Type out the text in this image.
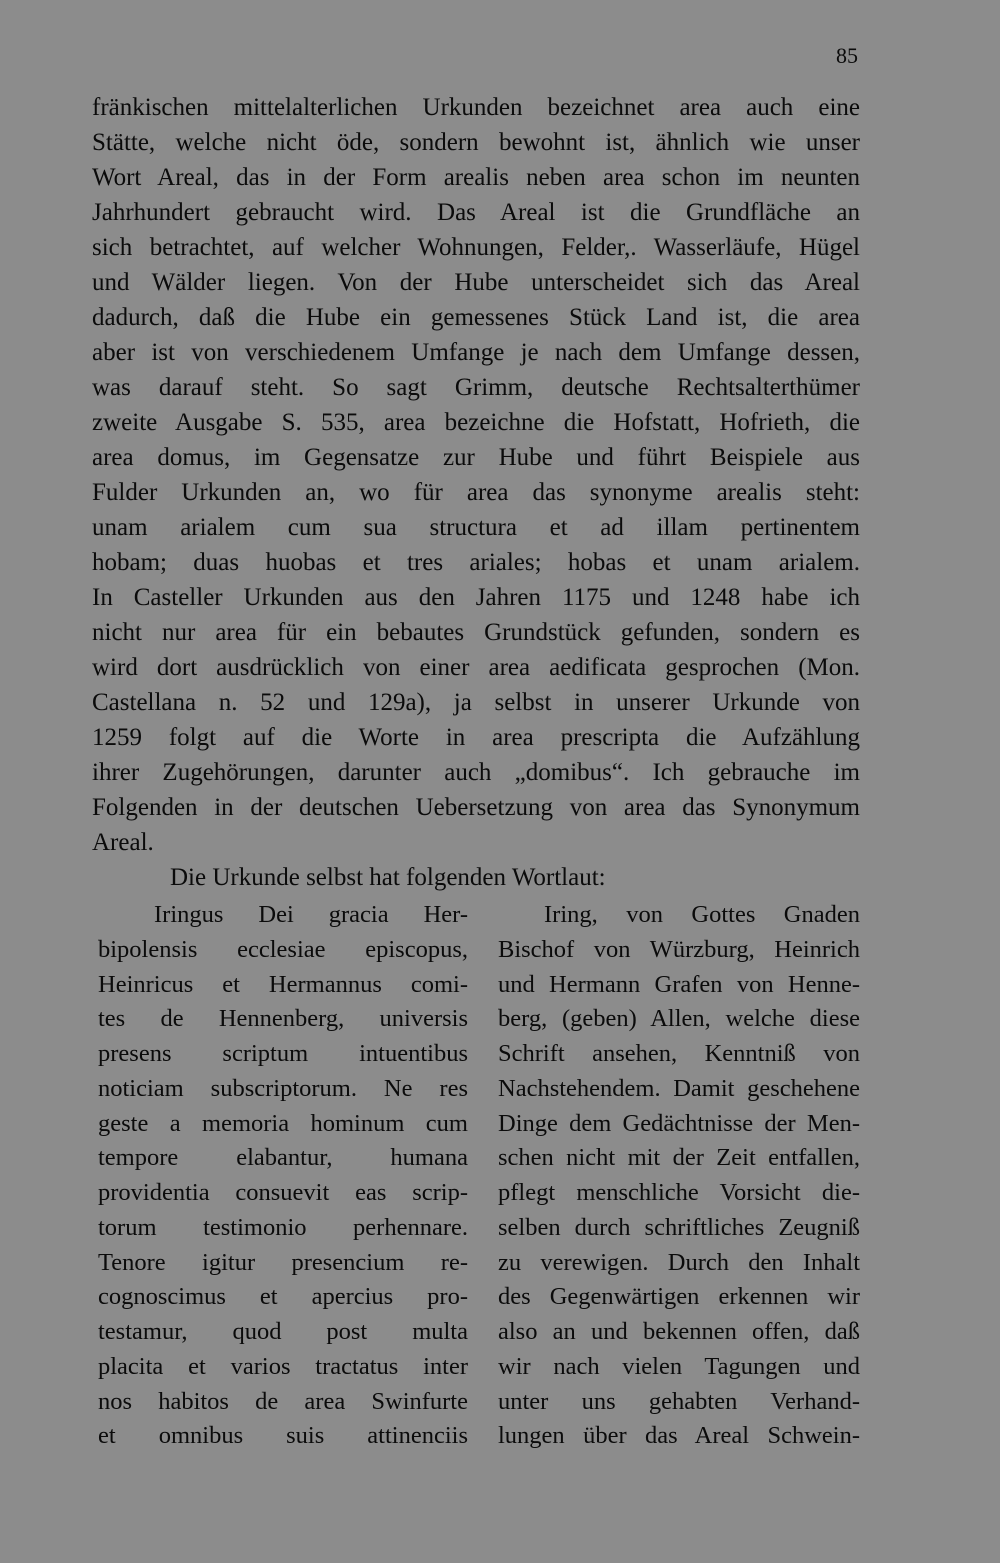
85
fränkischen mittelalterlichen Urkunden bezeichnet area auch eine
Stätte, welche nicht öde, sondern bewohnt ist, ähnlich wie unser
Wort Areal, das in der Form arealis neben area schon im neunten
Jahrhundert gebraucht wird. Das Areal ist die Grundfläche an
sich betrachtet, auf welcher Wohnungen, Felder,. Wasserläufe, Hügel
und Wälder liegen. Von der Hube unterscheidet sich das Areal
dadurch, daß die Hube ein gemessenes Stück Land ist, die area
aber ist von verschiedenem Umfange je nach dem Umfange dessen,
was darauf steht. So sagt Grimm, deutsche Rechtsalterthümer
zweite Ausgabe S. 535, area bezeichne die Hofstatt, Hofrieth, die
area domus, im Gegensatze zur Hube und führt Beispiele aus
Fulder Urkunden an, wo für area das synonyme arealis steht:
unam arialem cum sua structura et ad illam pertinentem
hobam; duas huobas et tres ariales; hobas et unam arialem.
In Casteller Urkunden aus den Jahren 1175 und 1248 habe ich
nicht nur area für ein bebautes Grundstück gefunden, sondern es
wird dort ausdrücklich von einer area aedificata gesprochen (Mon.
Castellana n. 52 und 129a), ja selbst in unserer Urkunde von
1259 folgt auf die Worte in area prescripta die Aufzählung
ihrer Zugehörungen, darunter auch „domibus“. Ich gebrauche im
Folgenden in der deutschen Uebersetzung von area das Synonymum
Areal.
Die Urkunde selbst hat folgenden Wortlaut:
Iringus Dei gracia Her-
bipolensis ecclesiae episcopus,
Heinricus et Hermannus comi-
tes de Hennenberg, universis
presens scriptum intuentibus
noticiam subscriptorum. Ne res
geste a memoria hominum cum
tempore elabantur, humana
providentia consuevit eas scrip-
torum testimonio perhennare.
Tenore igitur presencium re-
cognoscimus et apercius pro-
testamur, quod post multa
placita et varios tractatus inter
nos habitos de area Swinfurte
et omnibus suis attinenciis
Iring, von Gottes Gnaden
Bischof von Würzburg, Heinrich
und Hermann Grafen von Henne-
berg, (geben) Allen, welche diese
Schrift ansehen, Kenntniß von
Nachstehendem. Damit geschehene
Dinge dem Gedächtnisse der Men-
schen nicht mit der Zeit entfallen,
pflegt menschliche Vorsicht die-
selben durch schriftliches Zeugniß
zu verewigen. Durch den Inhalt
des Gegenwärtigen erkennen wir
also an und bekennen offen, daß
wir nach vielen Tagungen und
unter uns gehabten Verhand-
lungen über das Areal Schwein-
